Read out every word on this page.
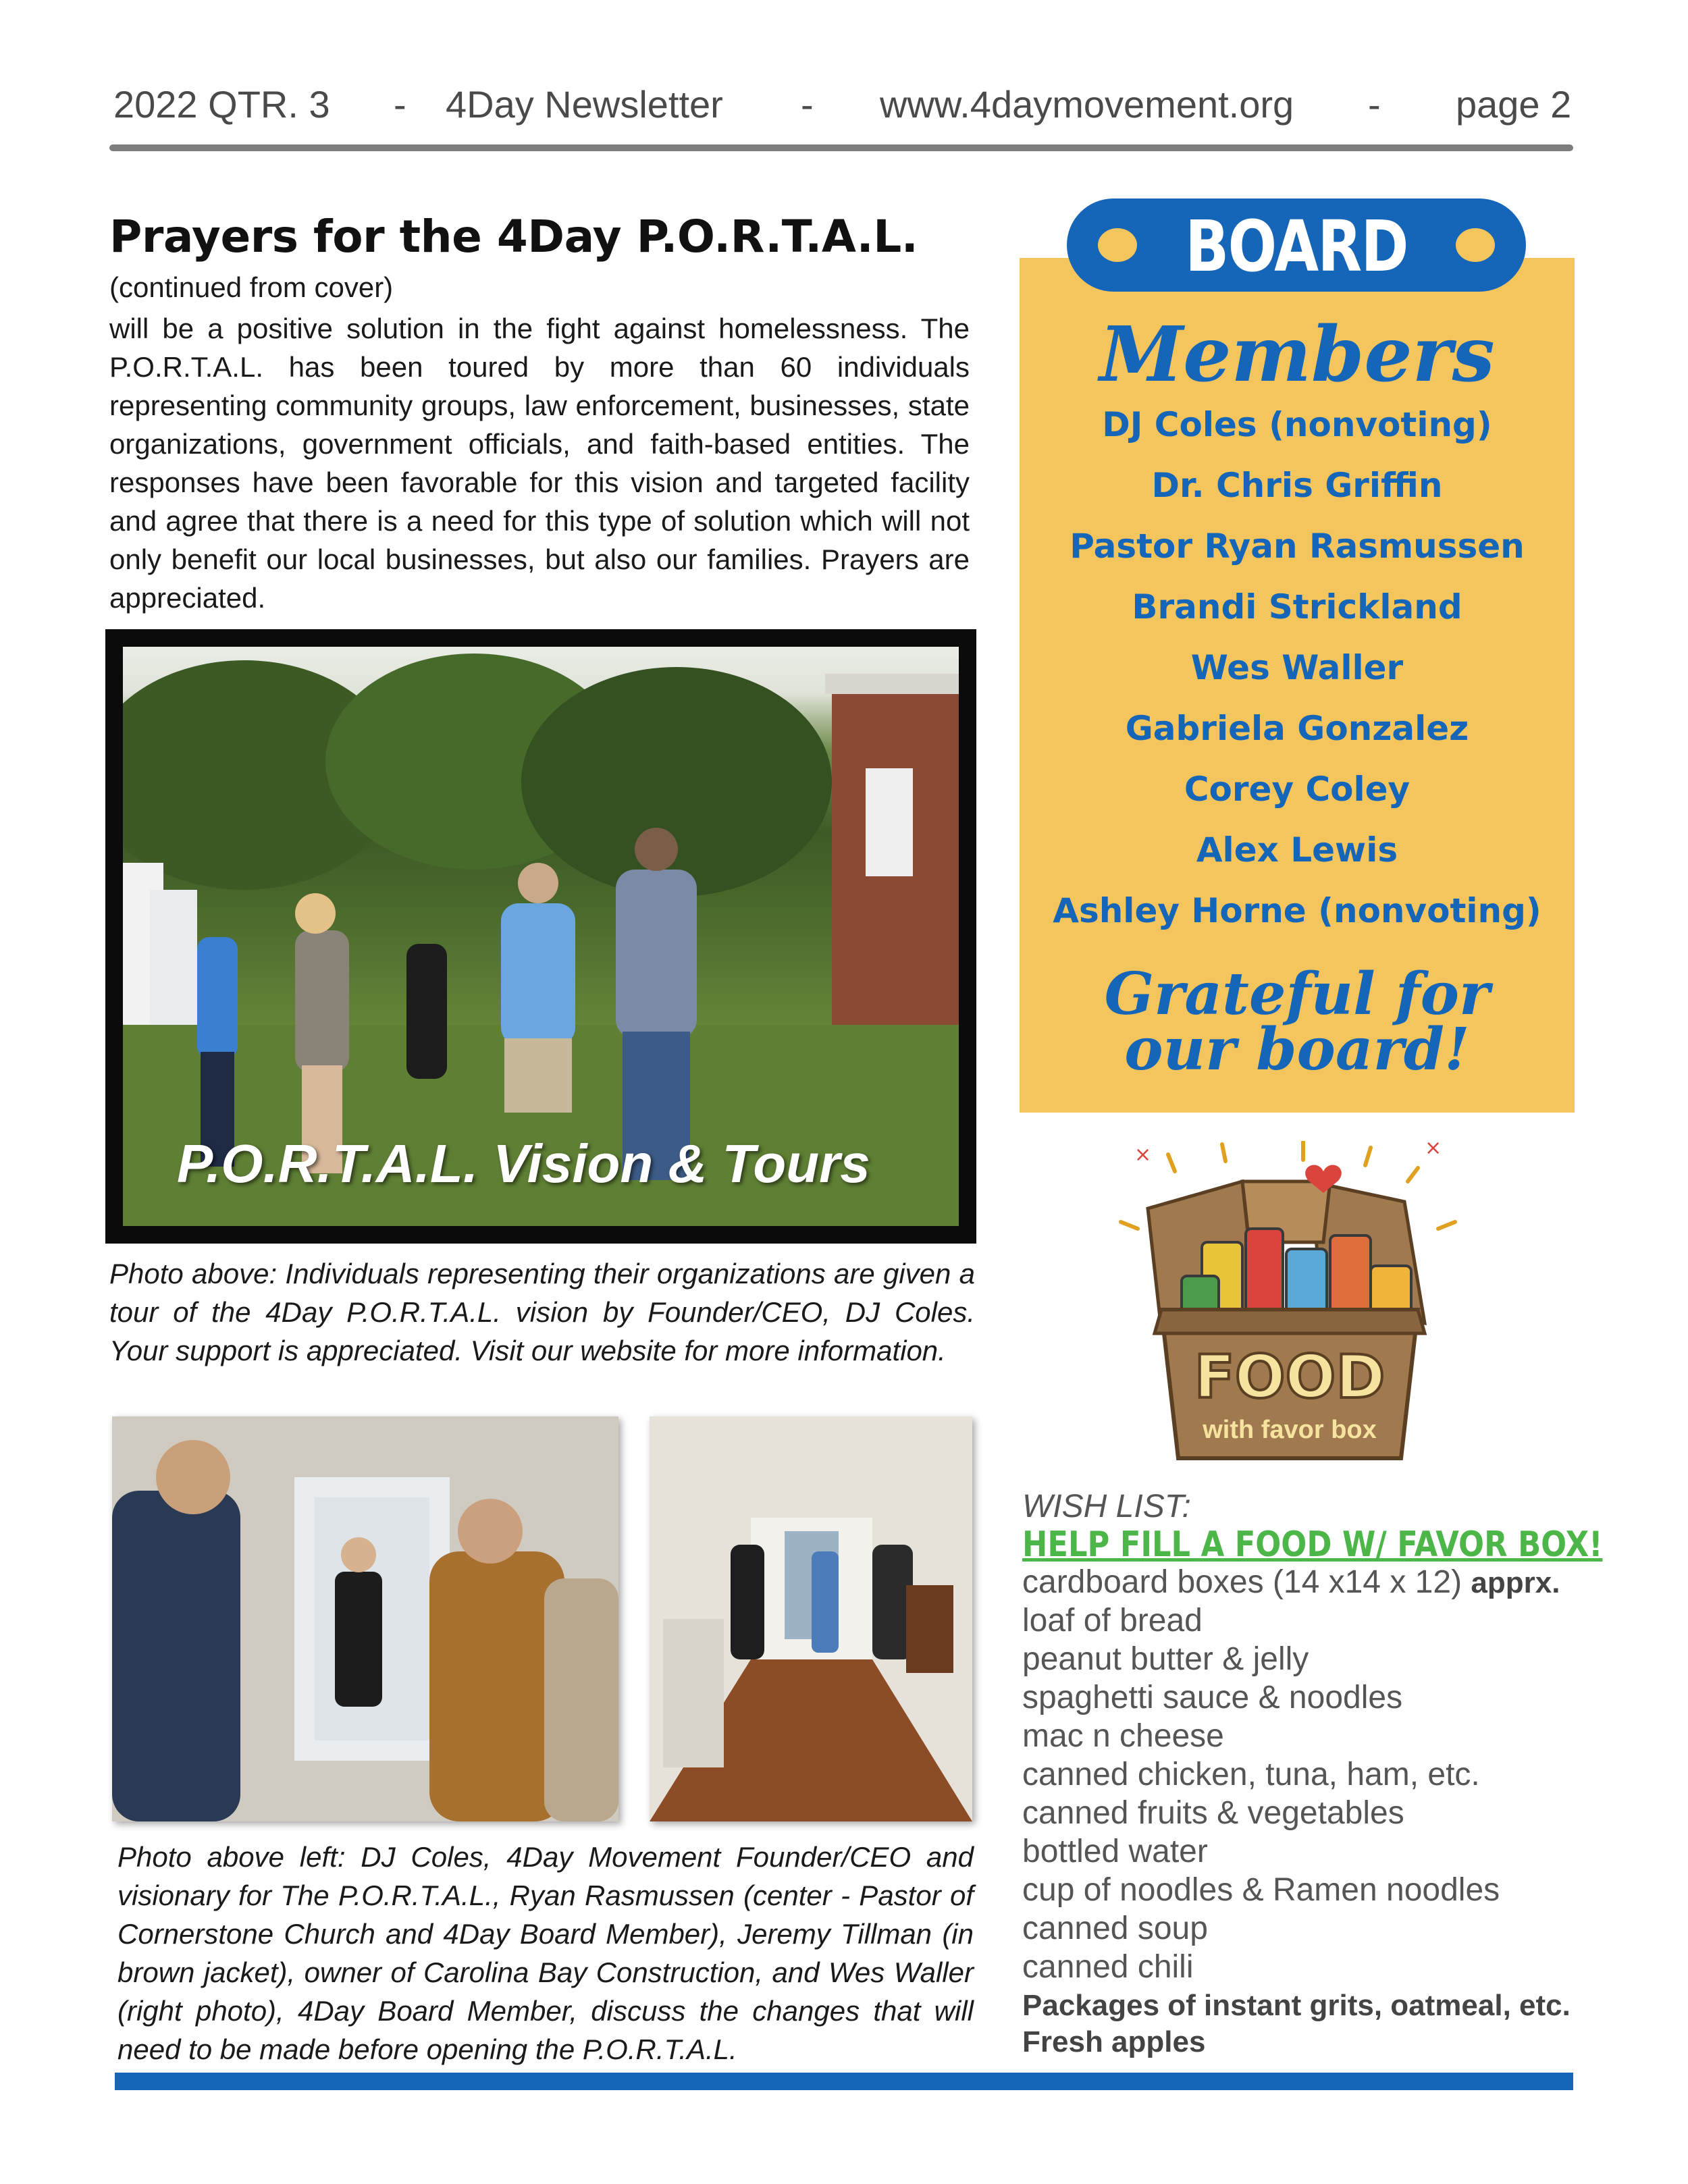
2022 QTR. 3 - 4Day Newsletter - www.4daymovement.org - page 2
Prayers for the 4Day P.O.R.T.A.L.
(continued from cover)
will be a positive solution in the fight against homelessness. The P.O.R.T.A.L. has been toured by more than 60 individuals representing community groups, law enforcement, businesses, state organizations, government officials, and faith-based entities. The responses have been favorable for this vision and targeted facility and agree that there is a need for this type of solution which will not only benefit our local businesses, but also our families. Prayers are appreciated.
P.O.R.T.A.L. Vision & Tours
Photo above: Individuals representing their organizations are given a tour of the 4Day P.O.R.T.A.L. vision by Founder/CEO, DJ Coles. Your support is appreciated. Visit our website for more information.
Photo above left: DJ Coles, 4Day Movement Founder/CEO and visionary for The P.O.R.T.A.L., Ryan Rasmussen (center - Pastor of Cornerstone Church and 4Day Board Member), Jeremy Tillman (in brown jacket), owner of Carolina Bay Construction, and Wes Waller (right photo), 4Day Board Member, discuss the changes that will need to be made before opening the P.O.R.T.A.L.
BOARD
Members
DJ Coles (nonvoting)
Dr. Chris Griffin
Pastor Ryan Rasmussen
Brandi Strickland
Wes Waller
Gabriela Gonzalez
Corey Coley
Alex Lewis
Ashley Horne (nonvoting)
Grateful for
our board!
×	×
FOOD
with favor box
WISH LIST:
HELP FILL A FOOD W/ FAVOR BOX!
cardboard boxes (14 x14 x 12) apprx.
loaf of bread
peanut butter & jelly
spaghetti sauce & noodles
mac n cheese
canned chicken, tuna, ham, etc.
canned fruits & vegetables
bottled water
cup of noodles & Ramen noodles
canned soup
canned chili
Packages of instant grits, oatmeal, etc.
Fresh apples
